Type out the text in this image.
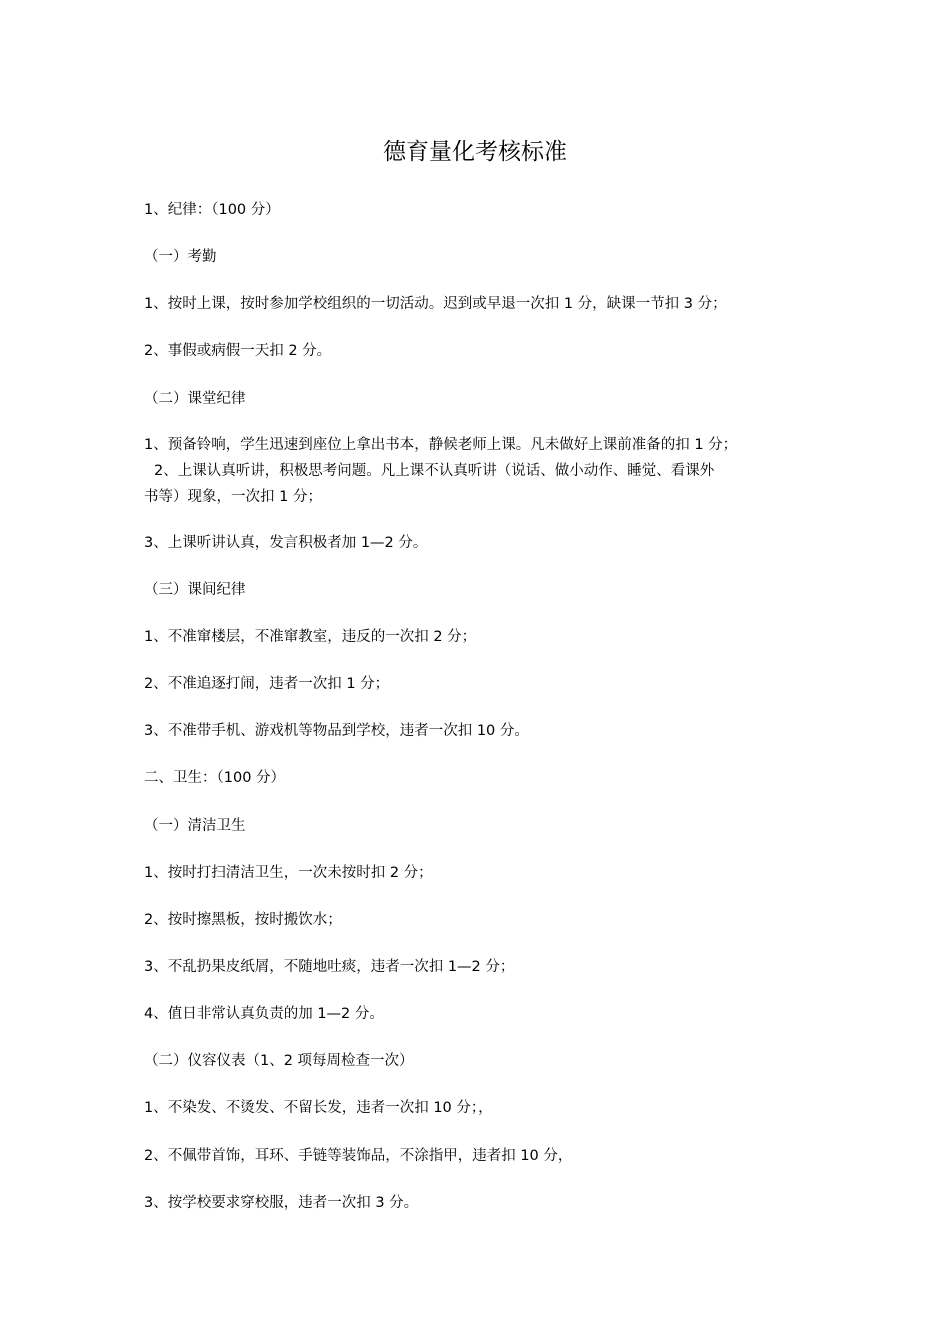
德育量化考核标准
1、纪律：（100 分）
（一）考勤
1、按时上课，按时参加学校组织的一切活动。迟到或早退一次扣 1 分，缺课一节扣 3 分；
2、事假或病假一天扣 2 分。
（二）课堂纪律
1、预备铃响，学生迅速到座位上拿出书本，静候老师上课。凡未做好上课前准备的扣 1 分；
2、上课认真听讲，积极思考问题。凡上课不认真听讲（说话、做小动作、睡觉、看课外
书等）现象，一次扣 1 分；
3、上课听讲认真，发言积极者加 1—2 分。
（三）课间纪律
1、不准窜楼层，不准窜教室，违反的一次扣 2 分；
2、不准追逐打闹，违者一次扣 1 分；
3、不准带手机、游戏机等物品到学校，违者一次扣 10 分。
二、卫生：（100 分）
（一）清洁卫生
1、按时打扫清洁卫生，一次未按时扣 2 分；
2、按时擦黑板，按时搬饮水；
3、不乱扔果皮纸屑，不随地吐痰，违者一次扣 1—2 分；
4、值日非常认真负责的加 1—2 分。
（二）仪容仪表（1、2 项每周检查一次）
1、不染发、不烫发、不留长发，违者一次扣 10 分；，
2、不佩带首饰，耳环、手链等装饰品，不涂指甲，违者扣 10 分，
3、按学校要求穿校服，违者一次扣 3 分。
